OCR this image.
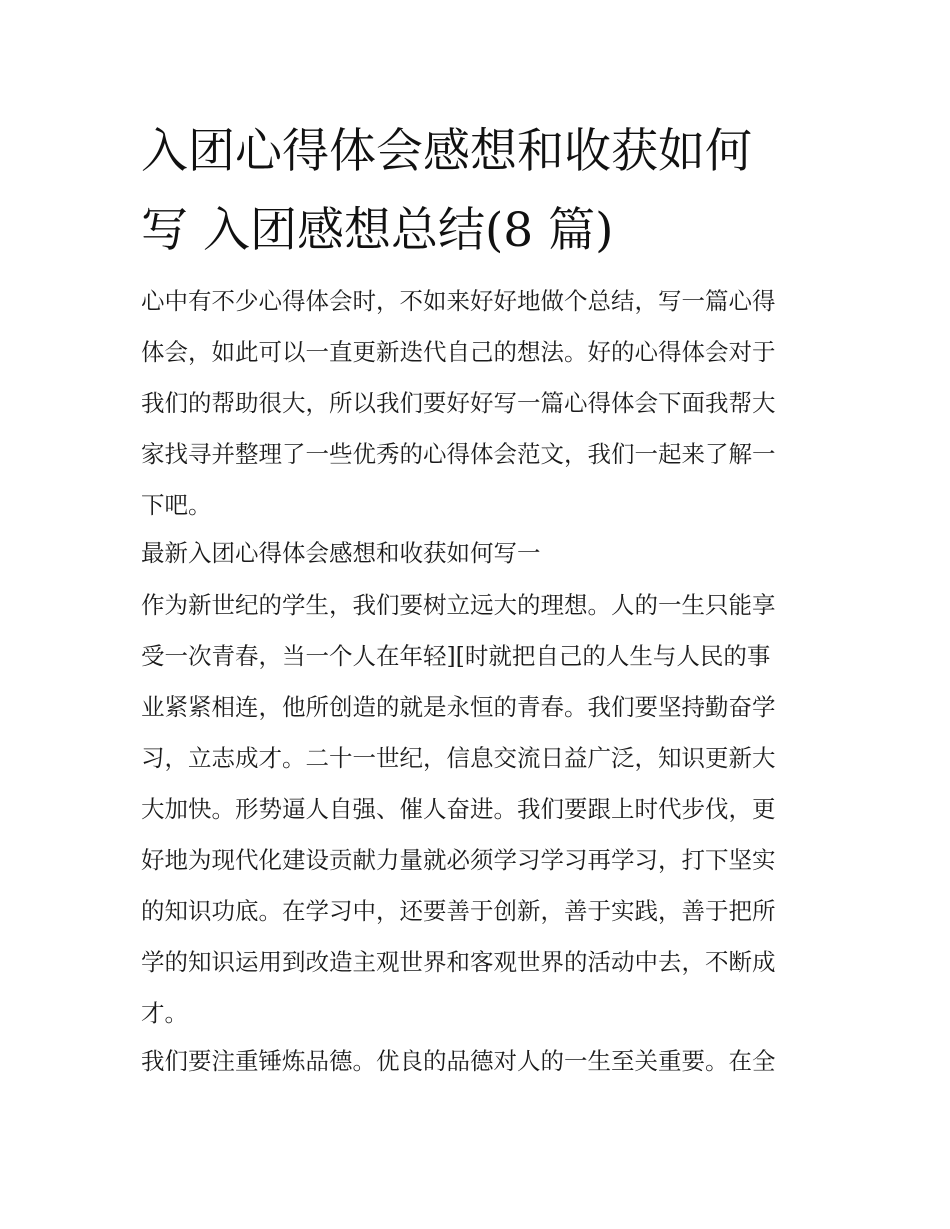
入团心得体会感想和收获如何
写 入团感想总结(8 篇)
心中有不少心得体会时，不如来好好地做个总结，写一篇心得
体会，如此可以一直更新迭代自己的想法。好的心得体会对于
我们的帮助很大，所以我们要好好写一篇心得体会下面我帮大
家找寻并整理了一些优秀的心得体会范文，我们一起来了解一
下吧。
最新入团心得体会感想和收获如何写一
作为新世纪的学生，我们要树立远大的理想。人的一生只能享
受一次青春，当一个人在年轻][时就把自己的人生与人民的事
业紧紧相连，他所创造的就是永恒的青春。我们要坚持勤奋学
习，立志成才。二十一世纪，信息交流日益广泛，知识更新大
大加快。形势逼人自强、催人奋进。我们要跟上时代步伐，更
好地为现代化建设贡献力量就必须学习学习再学习，打下坚实
的知识功底。在学习中，还要善于创新，善于实践，善于把所
学的知识运用到改造主观世界和客观世界的活动中去，不断成
才。
我们要注重锤炼品德。优良的品德对人的一生至关重要。在全
